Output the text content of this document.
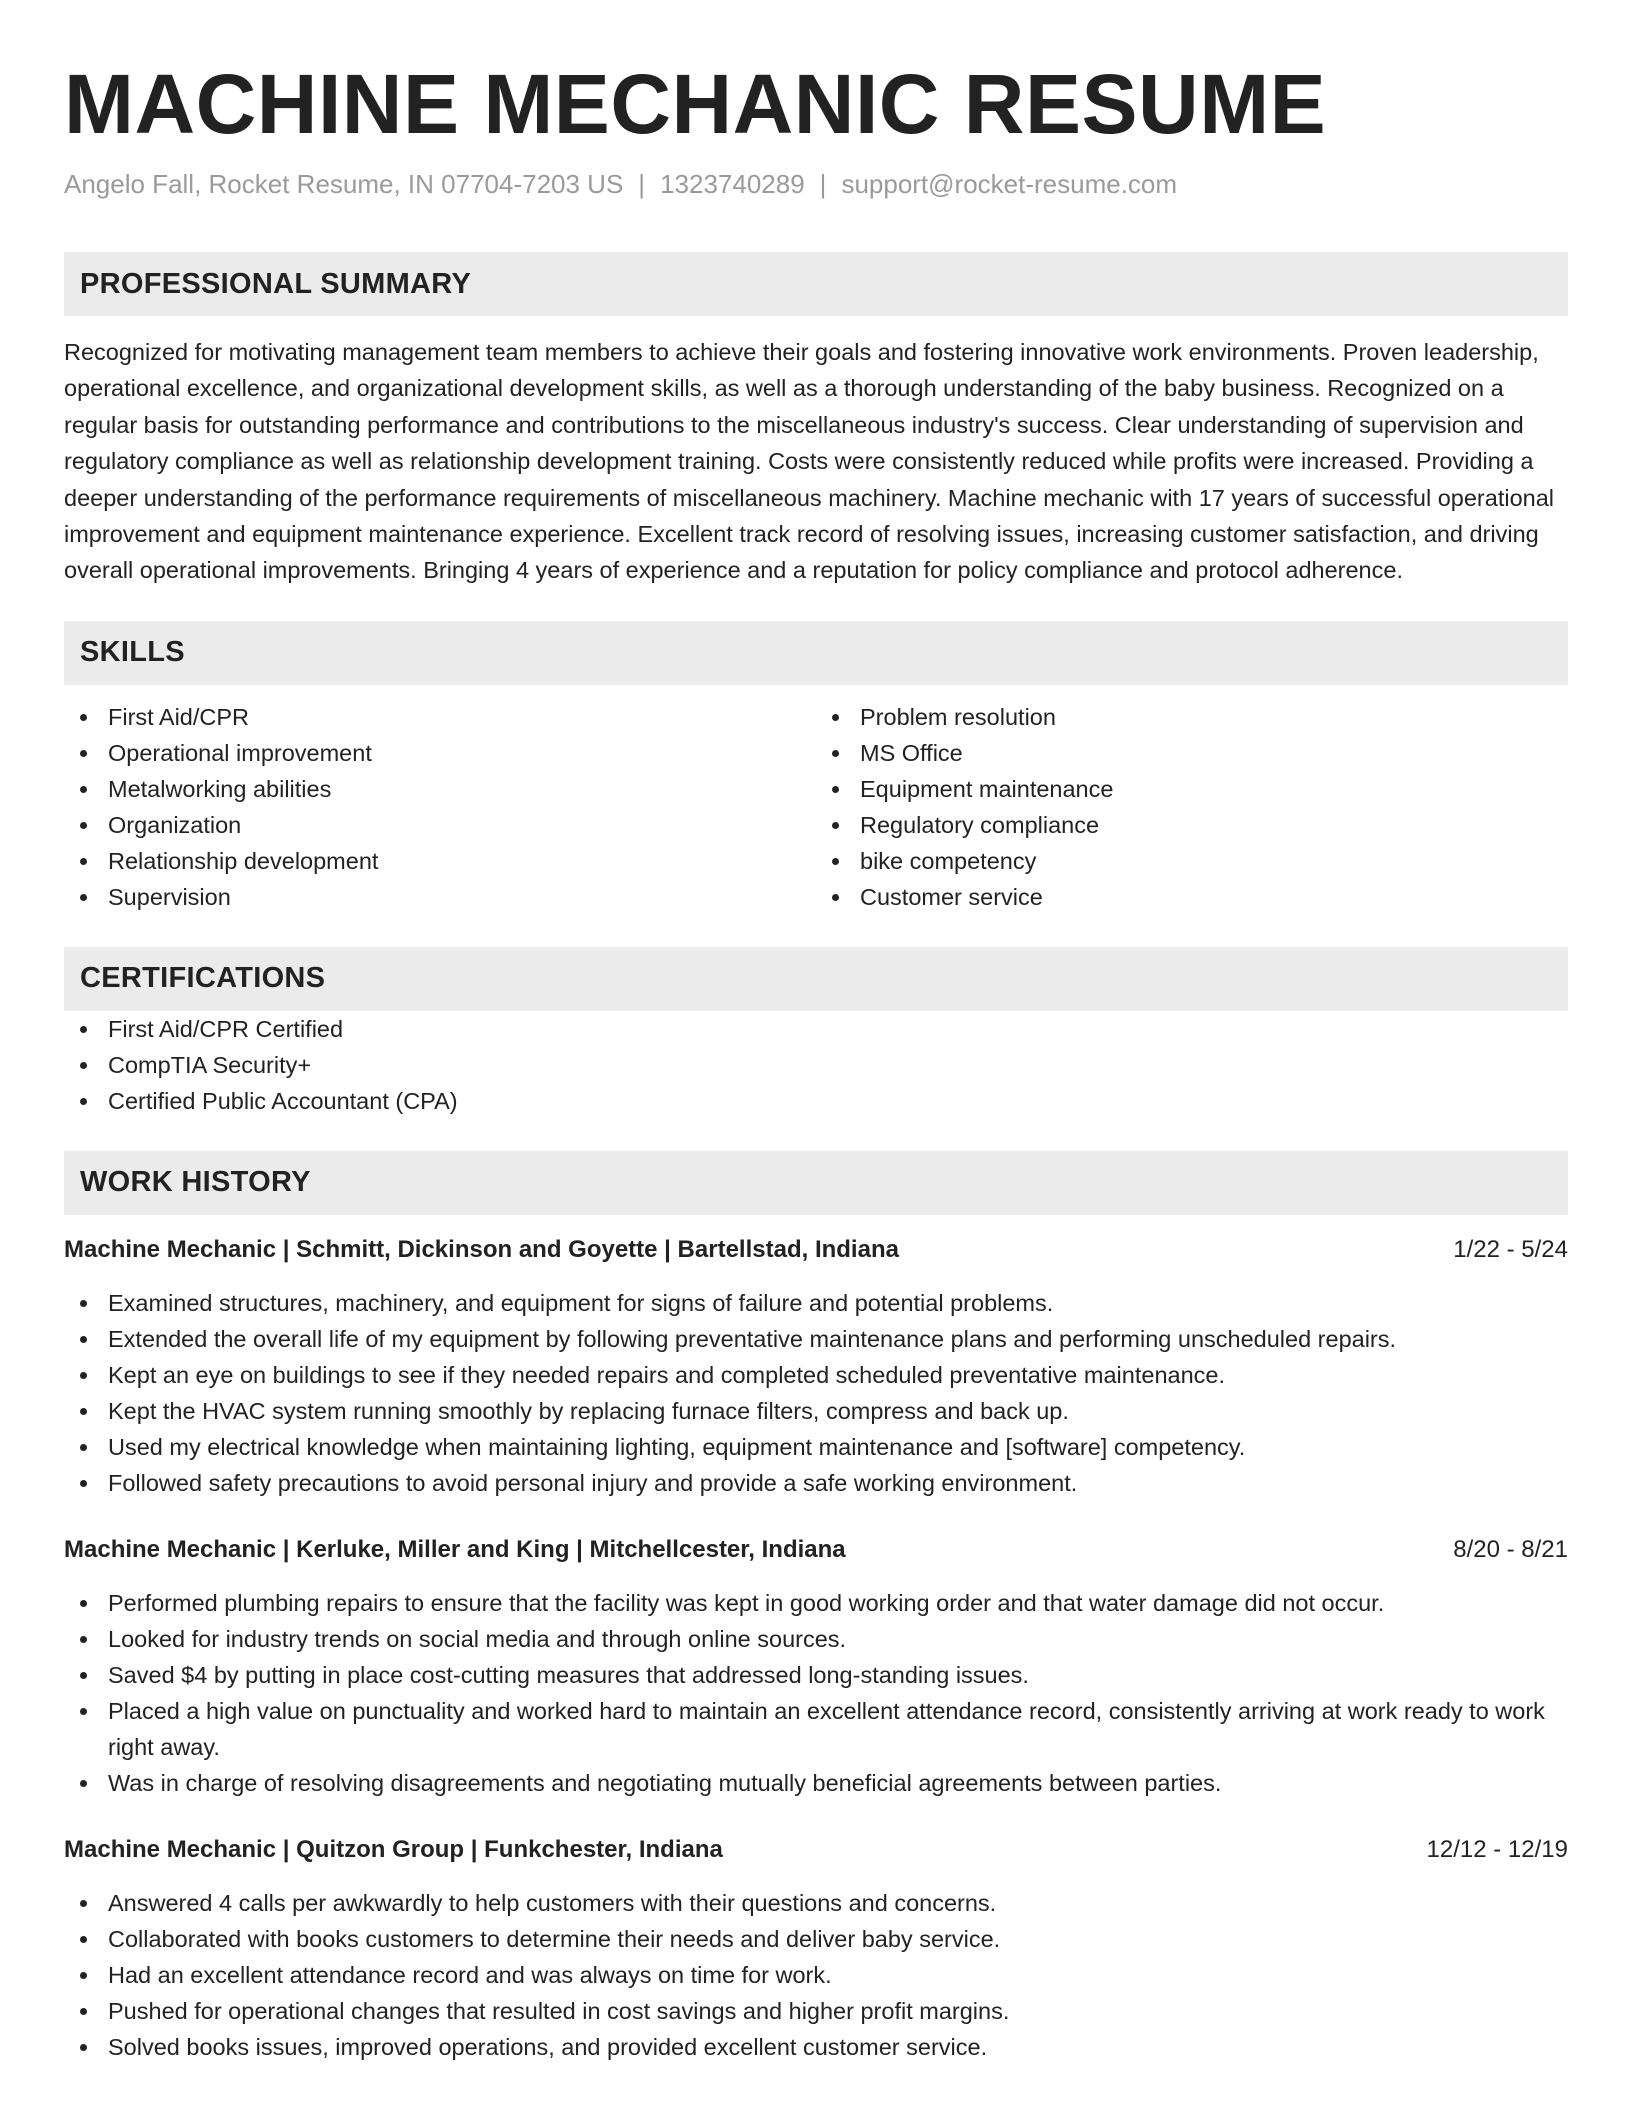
MACHINE MECHANIC RESUME
Angelo Fall, Rocket Resume, IN 07704-7203 US | 1323740289 | support@rocket-resume.com
PROFESSIONAL SUMMARY

Recognized for motivating management team members to achieve their goals and fostering innovative work environments. Proven leadership, operational excellence, and organizational development skills, as well as a thorough understanding of the baby business. Recognized on a regular basis for outstanding performance and contributions to the miscellaneous industry's success. Clear understanding of supervision and regulatory compliance as well as relationship development training. Costs were consistently reduced while profits were increased. Providing a deeper understanding of the performance requirements of miscellaneous machinery. Machine mechanic with 17 years of successful operational improvement and equipment maintenance experience. Excellent track record of resolving issues, increasing customer satisfaction, and driving overall operational improvements. Bringing 4 years of experience and a reputation for policy compliance and protocol adherence.

SKILLS
First Aid/CPR
Operational improvement
Metalworking abilities
Organization
Relationship development
Supervision
Problem resolution
MS Office
Equipment maintenance
Regulatory compliance
bike competency
Customer service
CERTIFICATIONS
First Aid/CPR Certified
CompTIA Security+
Certified Public Accountant (CPA)
WORK HISTORY
Machine Mechanic | Schmitt, Dickinson and Goyette | Bartellstad, Indiana	1/22 - 5/24
Examined structures, machinery, and equipment for signs of failure and potential problems.
Extended the overall life of my equipment by following preventative maintenance plans and performing unscheduled repairs.
Kept an eye on buildings to see if they needed repairs and completed scheduled preventative maintenance.
Kept the HVAC system running smoothly by replacing furnace filters, compress and back up.
Used my electrical knowledge when maintaining lighting, equipment maintenance and [software] competency.
Followed safety precautions to avoid personal injury and provide a safe working environment.
Machine Mechanic | Kerluke, Miller and King | Mitchellcester, Indiana	8/20 - 8/21
Performed plumbing repairs to ensure that the facility was kept in good working order and that water damage did not occur.
Looked for industry trends on social media and through online sources.
Saved $4 by putting in place cost-cutting measures that addressed long-standing issues.
Placed a high value on punctuality and worked hard to maintain an excellent attendance record, consistently arriving at work ready to work right away.
Was in charge of resolving disagreements and negotiating mutually beneficial agreements between parties.
Machine Mechanic | Quitzon Group | Funkchester, Indiana	12/12 - 12/19
Answered 4 calls per awkwardly to help customers with their questions and concerns.
Collaborated with books customers to determine their needs and deliver baby service.
Had an excellent attendance record and was always on time for work.
Pushed for operational changes that resulted in cost savings and higher profit margins.
Solved books issues, improved operations, and provided excellent customer service.
